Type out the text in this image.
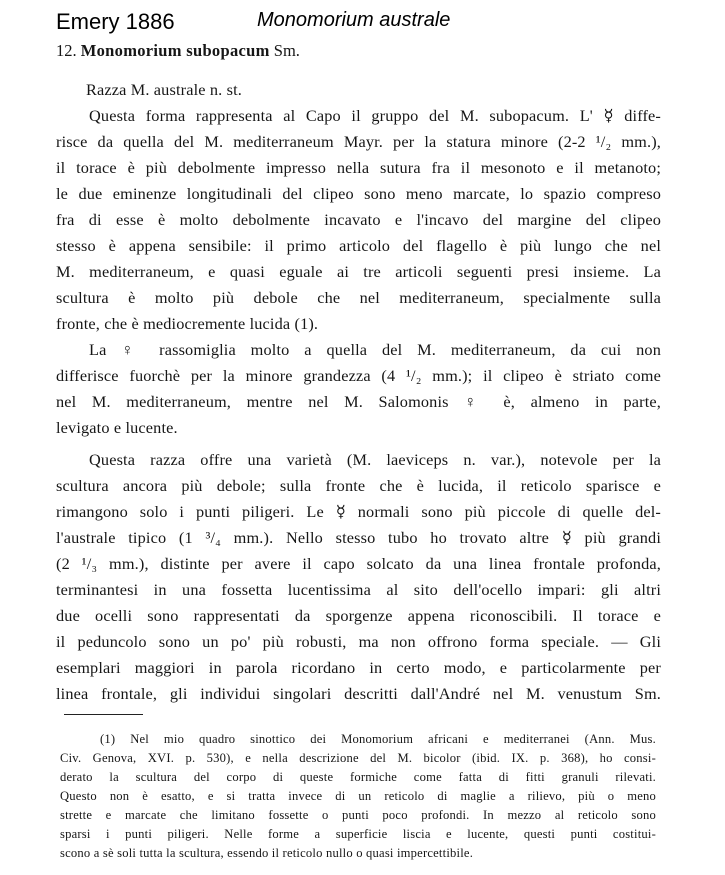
Emery 1886	Monomorium australe
12. Monomorium subopacum Sm.
Razza M. australe n. st.
Questa forma rappresenta al Capo il gruppo del M. subopacum. L' ☿ diffe-
risce da quella del M. mediterraneum Mayr. per la statura minore (2-2 ¹/₂ mm.),
il torace è più debolmente impresso nella sutura fra il mesonoto e il metanoto;
le due eminenze longitudinali del clipeo sono meno marcate, lo spazio compreso
fra di esse è molto debolmente incavato e l'incavo del margine del clipeo
stesso è appena sensibile: il primo articolo del flagello è più lungo che nel
M. mediterraneum, e quasi eguale ai tre articoli seguenti presi insieme. La
scultura è molto più debole che nel mediterraneum, specialmente sulla
fronte, che è mediocremente lucida (1).
La ♀ rassomiglia molto a quella del M. mediterraneum, da cui non
differisce fuorchè per la minore grandezza (4 ¹/₂ mm.); il clipeo è striato come
nel M. mediterraneum, mentre nel M. Salomonis ♀ è, almeno in parte,
levigato e lucente.
Questa razza offre una varietà (M. laeviceps n. var.), notevole per la
scultura ancora più debole; sulla fronte che è lucida, il reticolo sparisce e
rimangono solo i punti piligeri. Le ☿ normali sono più piccole di quelle del-
l'australe tipico (1 ³/₄ mm.). Nello stesso tubo ho trovato altre ☿ più grandi
(2 ¹/₃ mm.), distinte per avere il capo solcato da una linea frontale profonda,
terminantesi in una fossetta lucentissima al sito dell'ocello impari: gli altri
due ocelli sono rappresentati da sporgenze appena riconoscibili. Il torace e
il peduncolo sono un po' più robusti, ma non offrono forma speciale. — Gli
esemplari maggiori in parola ricordano in certo modo, e particolarmente per
linea frontale, gli individui singolari descritti dall'André nel M. venustum Sm.
(1) Nel mio quadro sinottico dei Monomorium africani e mediterranei (Ann. Mus.
Civ. Genova, XVI. p. 530), e nella descrizione del M. bicolor (ibid. IX. p. 368), ho consi-
derato la scultura del corpo di queste formiche come fatta di fitti granuli rilevati.
Questo non è esatto, e si tratta invece di un reticolo di maglie a rilievo, più o meno
strette e marcate che limitano fossette o punti poco profondi. In mezzo al reticolo sono
sparsi i punti piligeri. Nelle forme a superficie liscia e lucente, questi punti costitui-
scono a sè soli tutta la scultura, essendo il reticolo nullo o quasi impercettibile.
